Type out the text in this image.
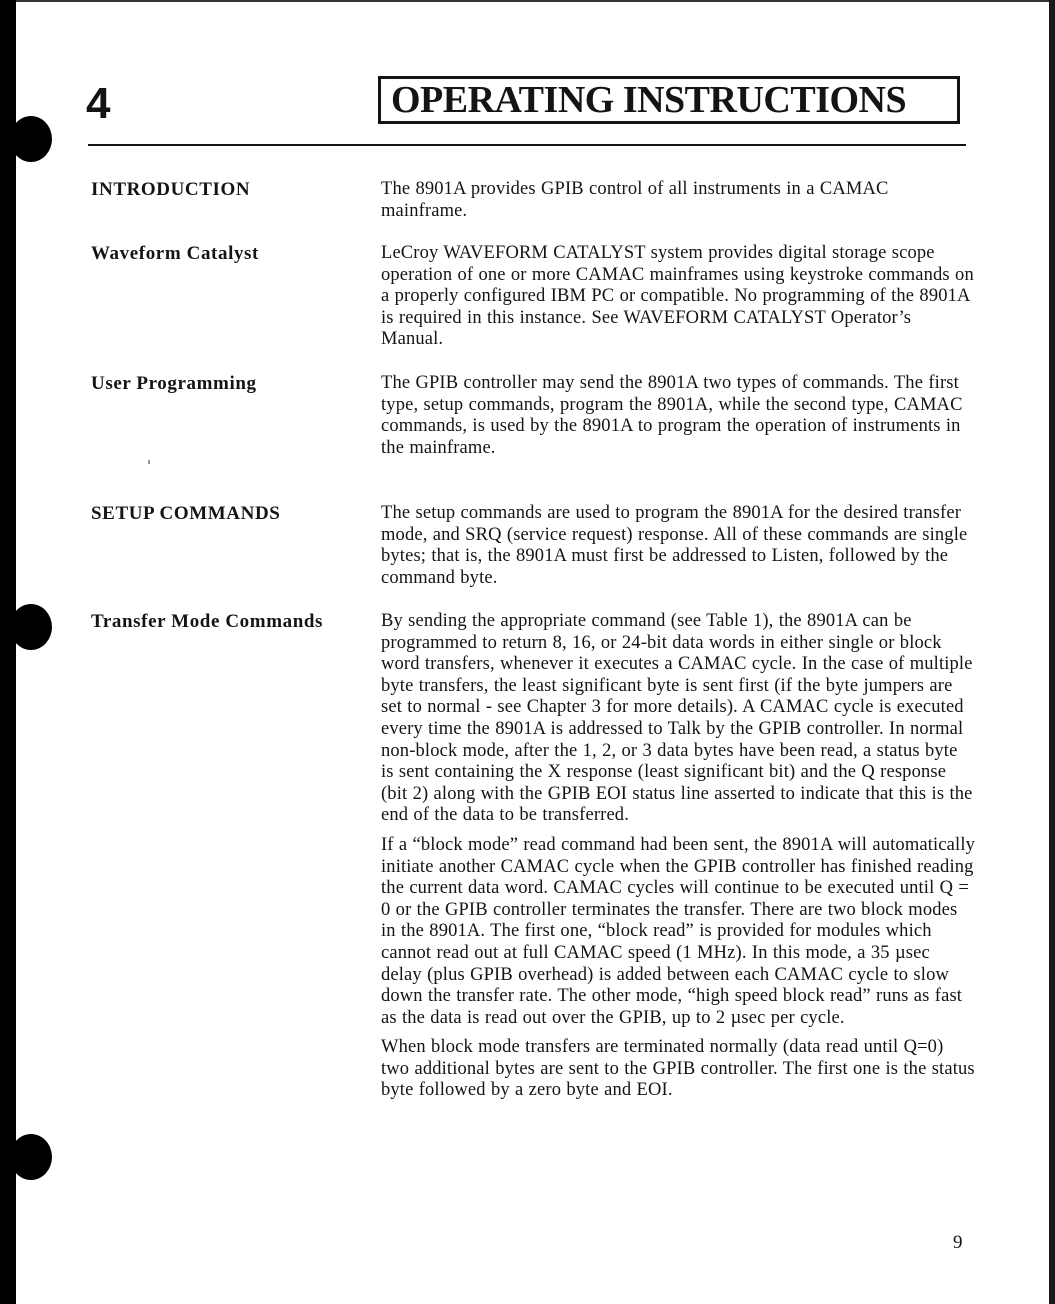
4	OPERATING INSTRUCTIONS
INTRODUCTION	The 8901A provides GPIB control of all instruments in a CAMAC mainframe.

Waveform Catalyst	LeCroy WAVEFORM CATALYST system provides digital storage scope operation of one or more CAMAC mainframes using keystroke commands on a properly configured IBM PC or compatible. No programming of the 8901A is required in this instance. See WAVEFORM CATALYST Operator’s Manual.

User Programming	The GPIB controller may send the 8901A two types of commands. The first type, setup commands, program the 8901A, while the second type, CAMAC commands, is used by the 8901A to program the operation of instruments in the mainframe.

SETUP COMMANDS	The setup commands are used to program the 8901A for the desired transfer mode, and SRQ (service request) response. All of these commands are single bytes; that is, the 8901A must first be addressed to Listen, followed by the command byte.

Transfer Mode Commands	By sending the appropriate command (see Table 1), the 8901A can be programmed to return 8, 16, or 24-bit data words in either single or block word transfers, whenever it executes a CAMAC cycle. In the case of multiple byte transfers, the least significant byte is sent first (if the byte jumpers are set to normal - see Chapter 3 for more details). A CAMAC cycle is executed every time the 8901A is addressed to Talk by the GPIB controller. In normal non-block mode, after the 1, 2, or 3 data bytes have been read, a status byte is sent containing the X response (least significant bit) and the Q response (bit 2) along with the GPIB EOI status line asserted to indicate that this is the end of the data to be transferred.

If a “block mode” read command had been sent, the 8901A will automatically initiate another CAMAC cycle when the GPIB controller has finished reading the current data word. CAMAC cycles will continue to be executed until Q = 0 or the GPIB controller terminates the transfer. There are two block modes in the 8901A. The first one, “block read” is provided for modules which cannot read out at full CAMAC speed (1 MHz). In this mode, a 35 µsec delay (plus GPIB overhead) is added between each CAMAC cycle to slow down the transfer rate. The other mode, “high speed block read” runs as fast as the data is read out over the GPIB, up to 2 µsec per cycle.

When block mode transfers are terminated normally (data read until Q=0) two additional bytes are sent to the GPIB controller. The first one is the status byte followed by a zero byte and EOI.

9
